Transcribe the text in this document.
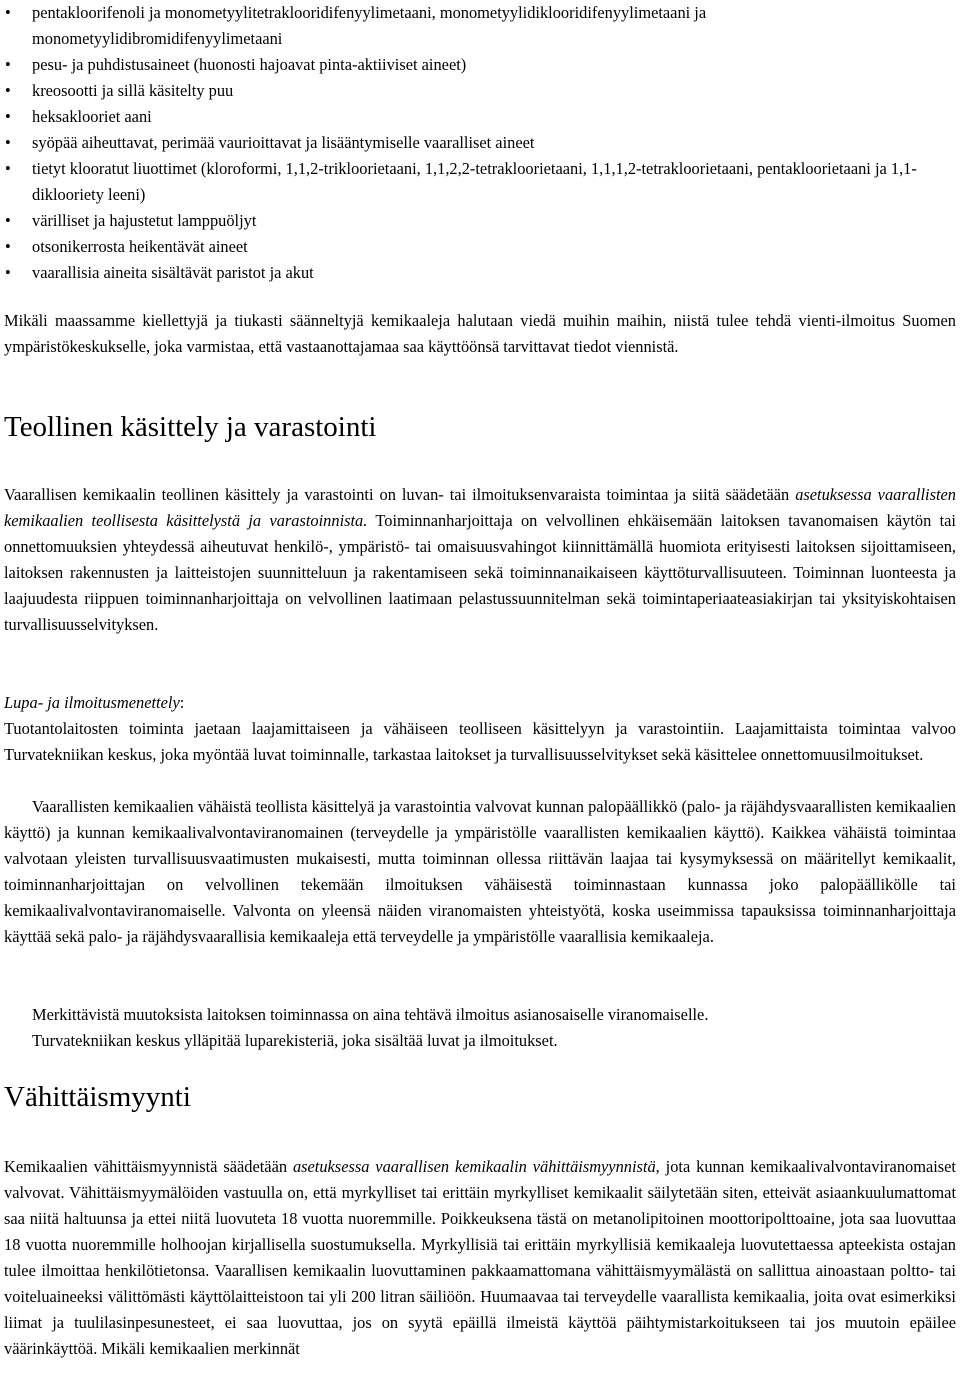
• pentakloorifenoli ja monometyylitetraklooridifenyylimetaani, monometyylidiklooridifenyylimetaani ja monometyylidibromidifenyylimetaani
• pesu- ja puhdistusaineet (huonosti hajoavat pinta-aktiiviset aineet)
• kreosootti ja sillä käsitelty puu
• heksaklooriet aani
• syöpää aiheuttavat, perimää vaurioittavat ja lisääntymiselle vaaralliset aineet
• tietyt klooratut liuottimet (kloroformi, 1,1,2-trikloorietaani, 1,1,2,2-tetrakloorietaani, 1,1,1,2-tetrakloorietaani, pentakloorietaani ja 1,1-diklooriety leeni)
• värilliset ja hajustetut lamppuöljyt
• otsonikerrosta heikentävät aineet
• vaarallisia aineita sisältävät paristot ja akut

Mikäli maassamme kiellettyjä ja tiukasti säänneltyjä kemikaaleja halutaan viedä muihin maihin, niistä tulee tehdä vienti-ilmoitus Suomen ympäristökeskukselle, joka varmistaa, että vastaanottajamaa saa käyttöönsä tarvittavat tiedot viennistä.

Teollinen käsittely ja varastointi

Vaarallisen kemikaalin teollinen käsittely ja varastointi on luvan- tai ilmoituksenvaraista toimintaa ja siitä säädetään asetuksessa vaarallisten kemikaalien teollisesta käsittelystä ja varastoinnista. Toiminnanharjoittaja on velvollinen ehkäisemään laitoksen tavanomaisen käytön tai onnettomuuksien yhteydessä aiheutuvat henkilö-, ympäristö- tai omaisuusvahingot kiinnittämällä huomiota erityisesti laitoksen sijoittamiseen, laitoksen rakennusten ja laitteistojen suunnitteluun ja rakentamiseen sekä toiminnanaikaiseen käyttöturvallisuuteen. Toiminnan luonteesta ja laajuudesta riippuen toiminnanharjoittaja on velvollinen laatimaan pelastussuunnitelman sekä toimintaperiaateasiakirjan tai yksityiskohtaisen turvallisuusselvityksen.

Lupa- ja ilmoitusmenettely:

Tuotantolaitosten toiminta jaetaan laajamittaiseen ja vähäiseen teolliseen käsittelyyn ja varastointiin. Laajamittaista toimintaa valvoo Turvatekniikan keskus, joka myöntää luvat toiminnalle, tarkastaa laitokset ja turvallisuusselvitykset sekä käsittelee onnettomuusilmoitukset.

Vaarallisten kemikaalien vähäistä teollista käsittelyä ja varastointia valvovat kunnan palopäällikkö (palo- ja räjähdysvaarallisten kemikaalien käyttö) ja kunnan kemikaalivalvontaviranomainen (terveydelle ja ympäristölle vaarallisten kemikaalien käyttö). Kaikkea vähäistä toimintaa valvotaan yleisten turvallisuusvaatimusten mukaisesti, mutta toiminnan ollessa riittävän laajaa tai kysymyksessä on määritellyt kemikaalit, toiminnanharjoittajan on velvollinen tekemään ilmoituksen vähäisestä toiminnastaan kunnassa joko palopäällikölle tai kemikaalivalvontaviranomaiselle. Valvonta on yleensä näiden viranomaisten yhteistyötä, koska useimmissa tapauksissa toiminnanharjoittaja käyttää sekä palo- ja räjähdysvaarallisia kemikaaleja että terveydelle ja ympäristölle vaarallisia kemikaaleja.

Merkittävistä muutoksista laitoksen toiminnassa on aina tehtävä ilmoitus asianosaiselle viranomaiselle.

Turvatekniikan keskus ylläpitää luparekisteriä, joka sisältää luvat ja ilmoitukset.

Vähittäismyynti

Kemikaalien vähittäismyynnistä säädetään asetuksessa vaarallisen kemikaalin vähittäismyynnistä, jota kunnan kemikaalivalvontaviranomaiset valvovat. Vähittäismyymälöiden vastuulla on, että myrkylliset tai erittäin myrkylliset kemikaalit säilytetään siten, etteivät asiaankuulumattomat saa niitä haltuunsa ja ettei niitä luovuteta 18 vuotta nuoremmille. Poikkeuksena tästä on metanolipitoinen moottoripolttoaine, jota saa luovuttaa 18 vuotta nuoremmille holhoojan kirjallisella suostumuksella. Myrkyllisiä tai erittäin myrkyllisiä kemikaaleja luovutettaessa apteekista ostajan tulee ilmoittaa henkilötietonsa. Vaarallisen kemikaalin luovuttaminen pakkaamattomana vähittäismyymälästä on sallittua ainoastaan poltto- tai voiteluaineeksi välittömästi käyttölaitteistoon tai yli 200 litran säiliöön. Huumaavaa tai terveydelle vaarallista kemikaalia, joita ovat esimerkiksi liimat ja tuulilasinpesunesteet, ei saa luovuttaa, jos on syytä epäillä ilmeistä käyttöä päihtymistarkoitukseen tai jos muutoin epäilee väärinkäyttöä. Mikäli kemikaalien merkinnät
